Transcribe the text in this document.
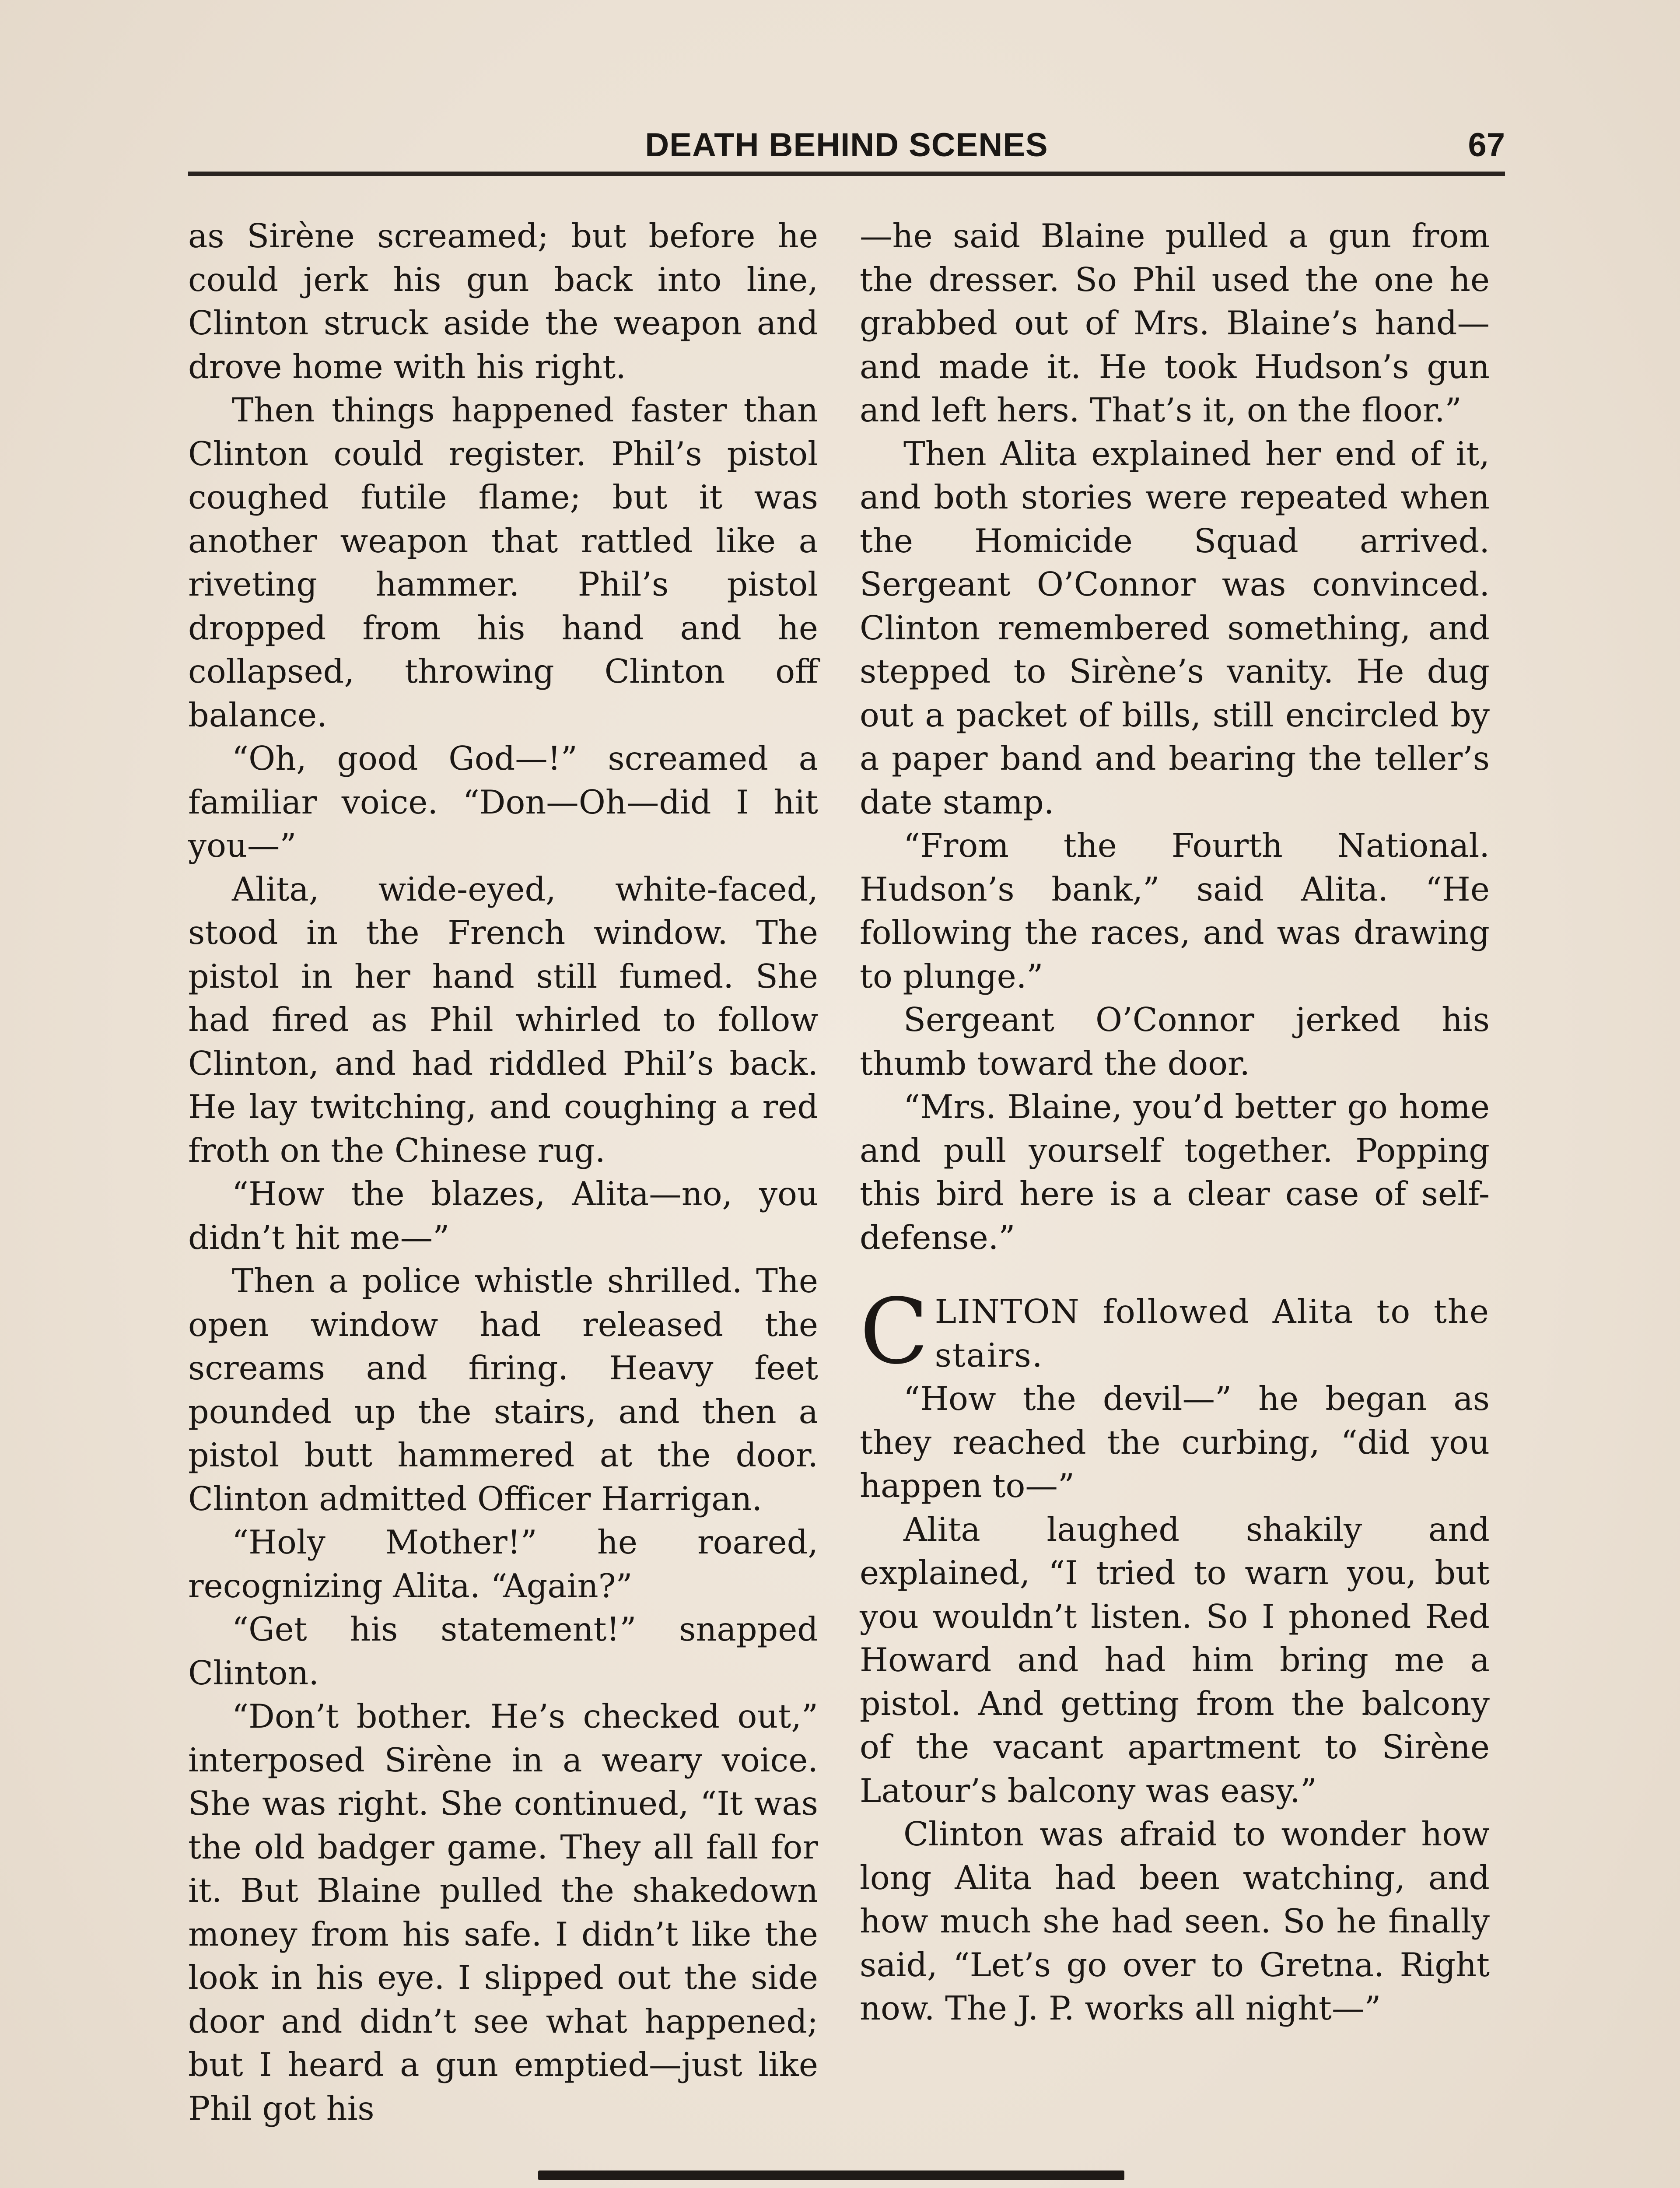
DEATH BEHIND SCENES	67

as Sirène screamed; but before he could jerk his gun back into line, Clinton struck aside the weapon and drove home with his right.

Then things happened faster than Clinton could register. Phil’s pistol coughed futile flame; but it was another weapon that rattled like a riveting hammer. Phil’s pistol dropped from his hand and he collapsed, throwing Clinton off balance.

“Oh, good God—!” screamed a familiar voice. “Don—Oh—did I hit you—”

Alita, wide-eyed, white-faced, stood in the French window. The pistol in her hand still fumed. She had fired as Phil whirled to follow Clinton, and had riddled Phil’s back. He lay twitching, and coughing a red froth on the Chinese rug.

“How the blazes, Alita—no, you didn’t hit me—”

Then a police whistle shrilled. The open window had released the screams and firing. Heavy feet pounded up the stairs, and then a pistol butt hammered at the door. Clinton admitted Officer Harrigan.

“Holy Mother!” he roared, recognizing Alita. “Again?”

“Get his statement!” snapped Clinton.

“Don’t bother. He’s checked out,” interposed Sirène in a weary voice. She was right. She continued, “It was the old badger game. They all fall for it. But Blaine pulled the shakedown money from his safe. I didn’t like the look in his eye. I slipped out the side door and didn’t see what happened; but I heard a gun emptied—just like Phil got his

—he said Blaine pulled a gun from the dresser. So Phil used the one he grabbed out of Mrs. Blaine’s hand—and made it. He took Hudson’s gun and left hers. That’s it, on the floor.”

Then Alita explained her end of it, and both stories were repeated when the Homicide Squad arrived. Sergeant O’Connor was convinced. Clinton remembered something, and stepped to Sirène’s vanity. He dug out a packet of bills, still encircled by a paper band and bearing the teller’s date stamp.

“From the Fourth National. Hudson’s bank,” said Alita. “He following the races, and was drawing to plunge.”

Sergeant O’Connor jerked his thumb toward the door.

“Mrs. Blaine, you’d better go home and pull yourself together. Popping this bird here is a clear case of self-defense.”

CLINTON followed Alita to the stairs.

“How the devil—” he began as they reached the curbing, “did you happen to—”

Alita laughed shakily and explained, “I tried to warn you, but you wouldn’t listen. So I phoned Red Howard and had him bring me a pistol. And getting from the balcony of the vacant apartment to Sirène Latour’s balcony was easy.”

Clinton was afraid to wonder how long Alita had been watching, and how much she had seen. So he finally said, “Let’s go over to Gretna. Right now. The J. P. works all night—”
